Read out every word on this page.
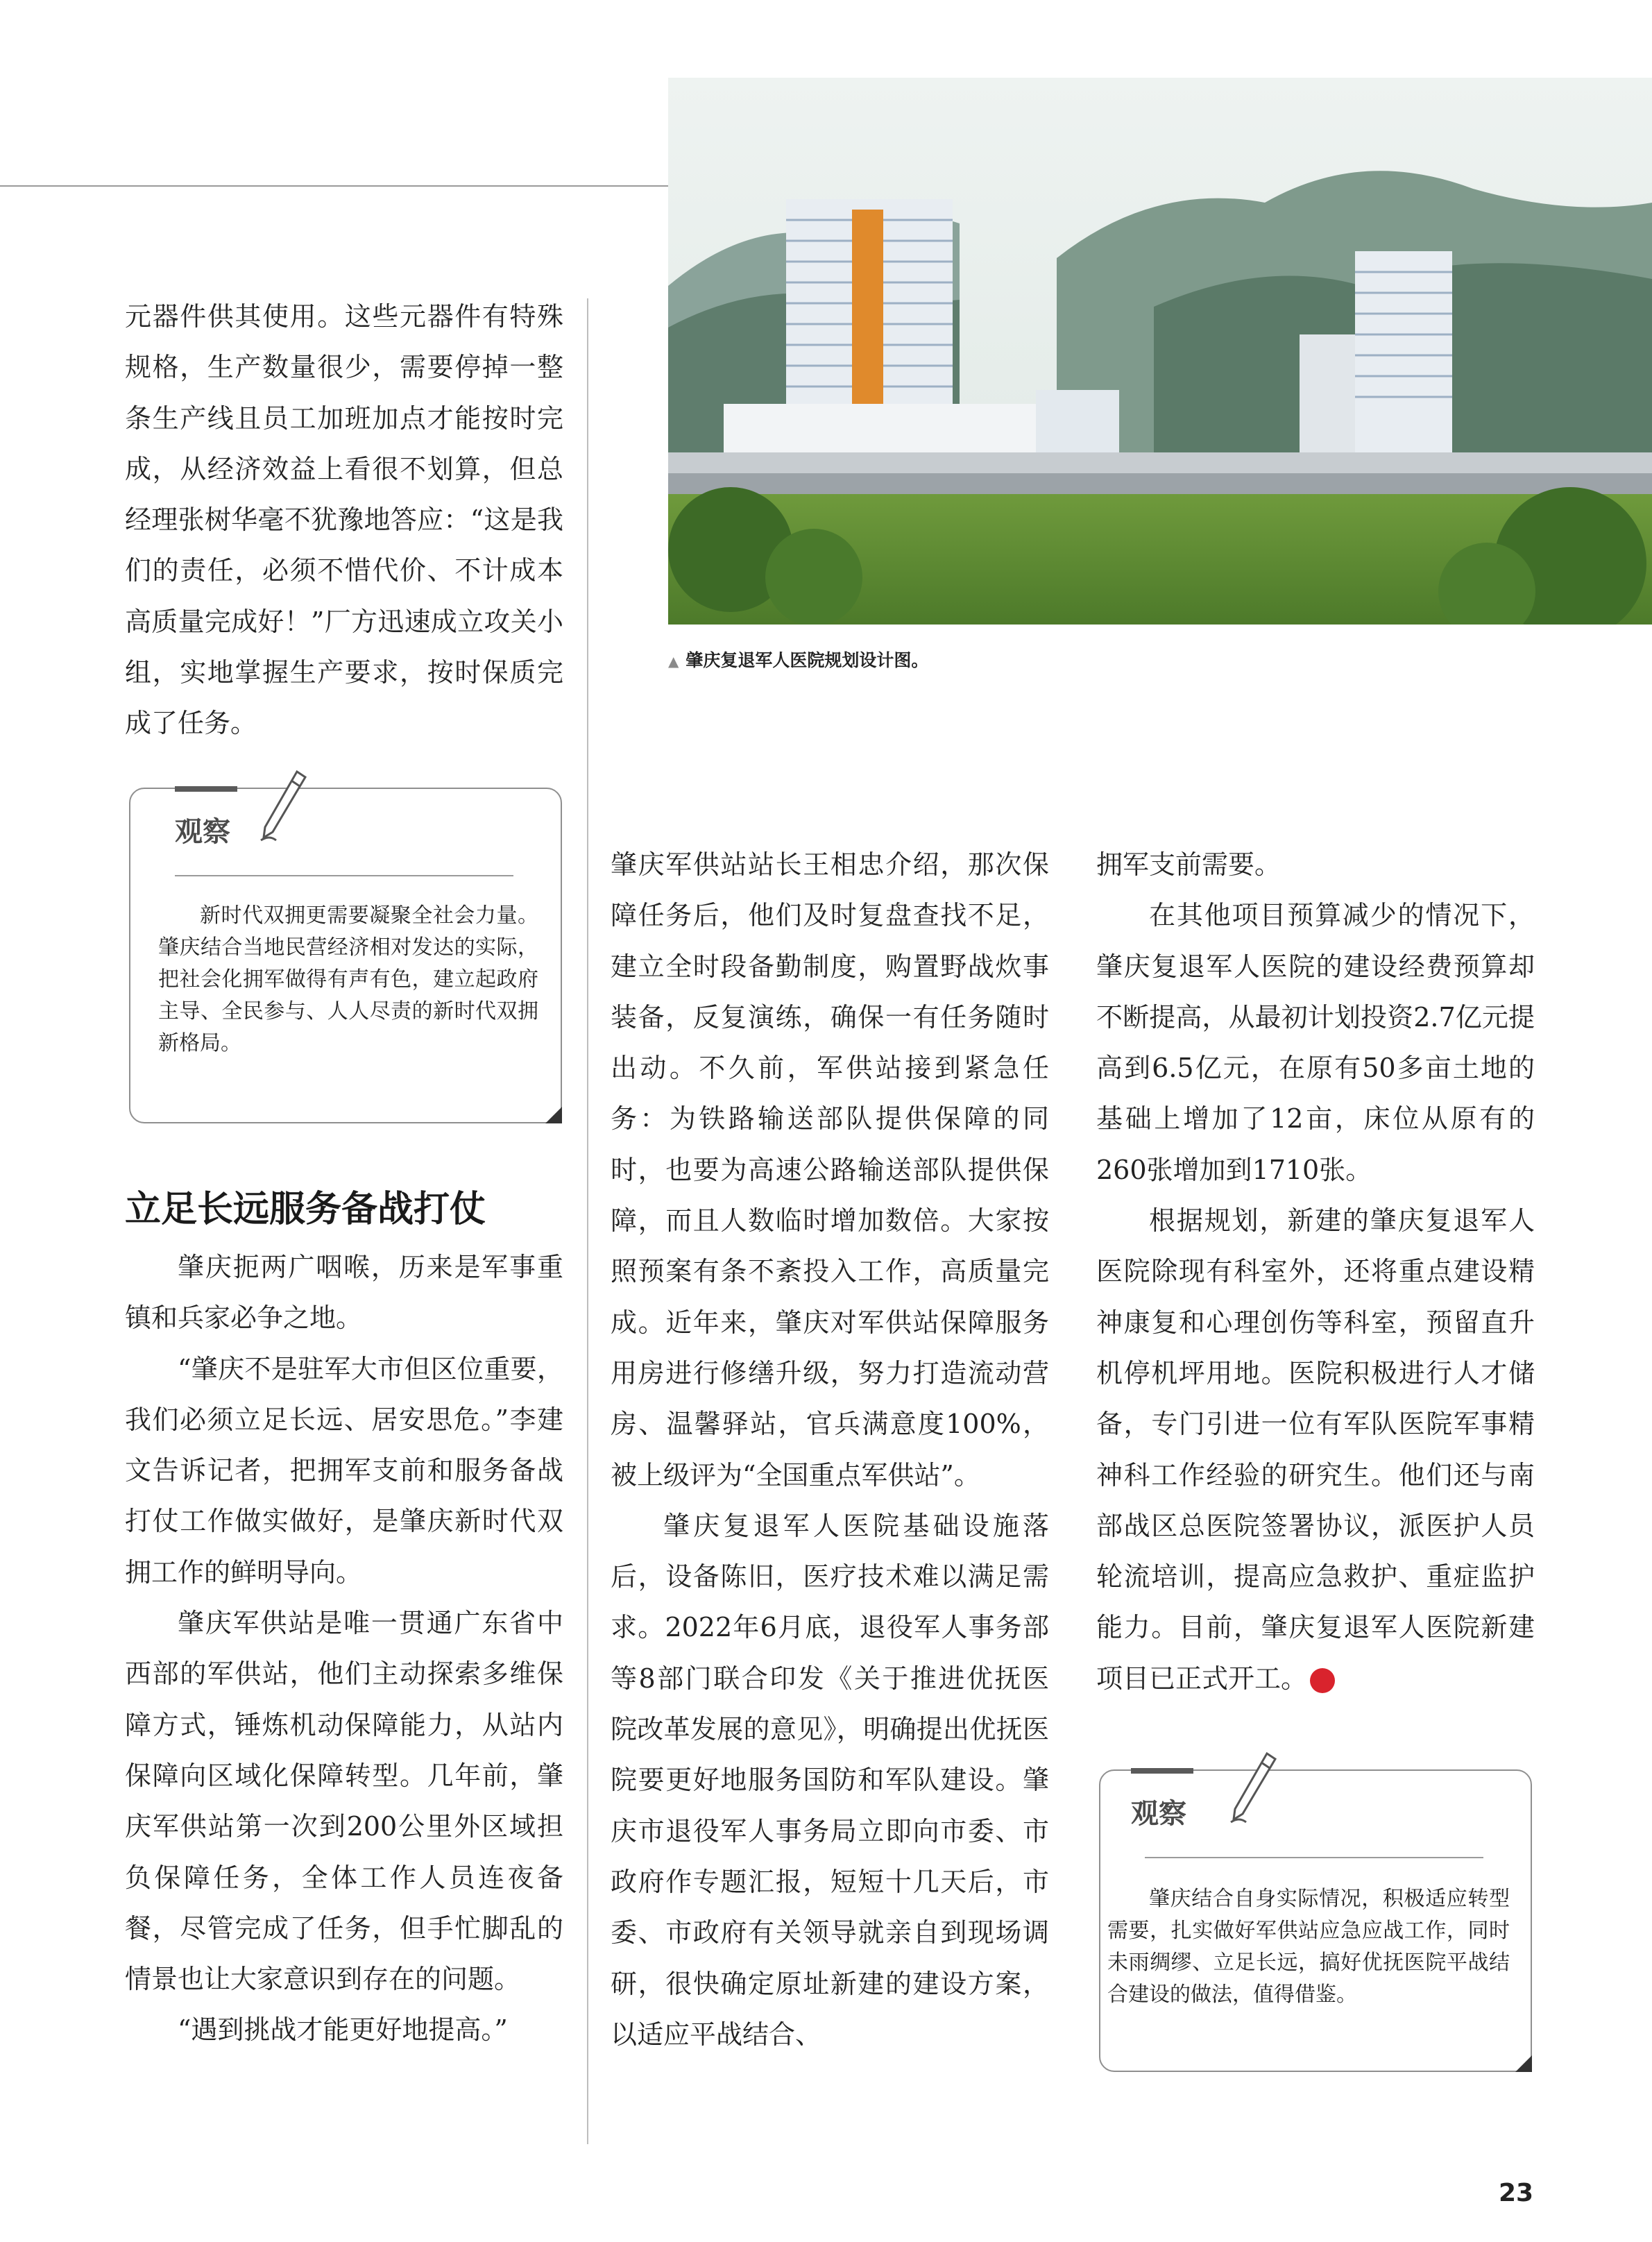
▲ 肇庆复退军人医院规划设计图。

元器件供其使用。这些元器件有特殊规格，生产数量很少，需要停掉一整条生产线且员工加班加点才能按时完成，从经济效益上看很不划算，但总经理张树华毫不犹豫地答应：“这是我们的责任，必须不惜代价、不计成本高质量完成好！”厂方迅速成立攻关小组，实地掌握生产要求，按时保质完成了任务。

观察
新时代双拥更需要凝聚全社会力量。肇庆结合当地民营经济相对发达的实际，把社会化拥军做得有声有色，建立起政府主导、全民参与、人人尽责的新时代双拥新格局。
立足长远服务备战打仗

肇庆扼两广咽喉，历来是军事重镇和兵家必争之地。

“肇庆不是驻军大市但区位重要，我们必须立足长远、居安思危。”李建文告诉记者，把拥军支前和服务备战打仗工作做实做好，是肇庆新时代双拥工作的鲜明导向。

肇庆军供站是唯一贯通广东省中西部的军供站，他们主动探索多维保障方式，锤炼机动保障能力，从站内保障向区域化保障转型。几年前，肇庆军供站第一次到200公里外区域担负保障任务，全体工作人员连夜备餐，尽管完成了任务，但手忙脚乱的情景也让大家意识到存在的问题。

“遇到挑战才能更好地提高。”

肇庆军供站站长王相忠介绍，那次保障任务后，他们及时复盘查找不足，建立全时段备勤制度，购置野战炊事装备，反复演练，确保一有任务随时出动。不久前，军供站接到紧急任务：为铁路输送部队提供保障的同时，也要为高速公路输送部队提供保障，而且人数临时增加数倍。大家按照预案有条不紊投入工作，高质量完成。近年来，肇庆对军供站保障服务用房进行修缮升级，努力打造流动营房、温馨驿站，官兵满意度100%，被上级评为“全国重点军供站”。

肇庆复退军人医院基础设施落后，设备陈旧，医疗技术难以满足需求。2022年6月底，退役军人事务部等8部门联合印发《关于推进优抚医院改革发展的意见》，明确提出优抚医院要更好地服务国防和军队建设。肇庆市退役军人事务局立即向市委、市政府作专题汇报，短短十几天后，市委、市政府有关领导就亲自到现场调研，很快确定原址新建的建设方案，以适应平战结合、

拥军支前需要。

在其他项目预算减少的情况下，肇庆复退军人医院的建设经费预算却不断提高，从最初计划投资2.7亿元提高到6.5亿元，在原有50多亩土地的基础上增加了12亩，床位从原有的260张增加到1710张。

根据规划，新建的肇庆复退军人医院除现有科室外，还将重点建设精神康复和心理创伤等科室，预留直升机停机坪用地。医院积极进行人才储备，专门引进一位有军队医院军事精神科工作经验的研究生。他们还与南部战区总医院签署协议，派医护人员轮流培训，提高应急救护、重症监护能力。目前，肇庆复退军人医院新建项目已正式开工。	N

观察
肇庆结合自身实际情况，积极适应转型需要，扎实做好军供站应急应战工作，同时未雨绸缪、立足长远，搞好优抚医院平战结合建设的做法，值得借鉴。
23
